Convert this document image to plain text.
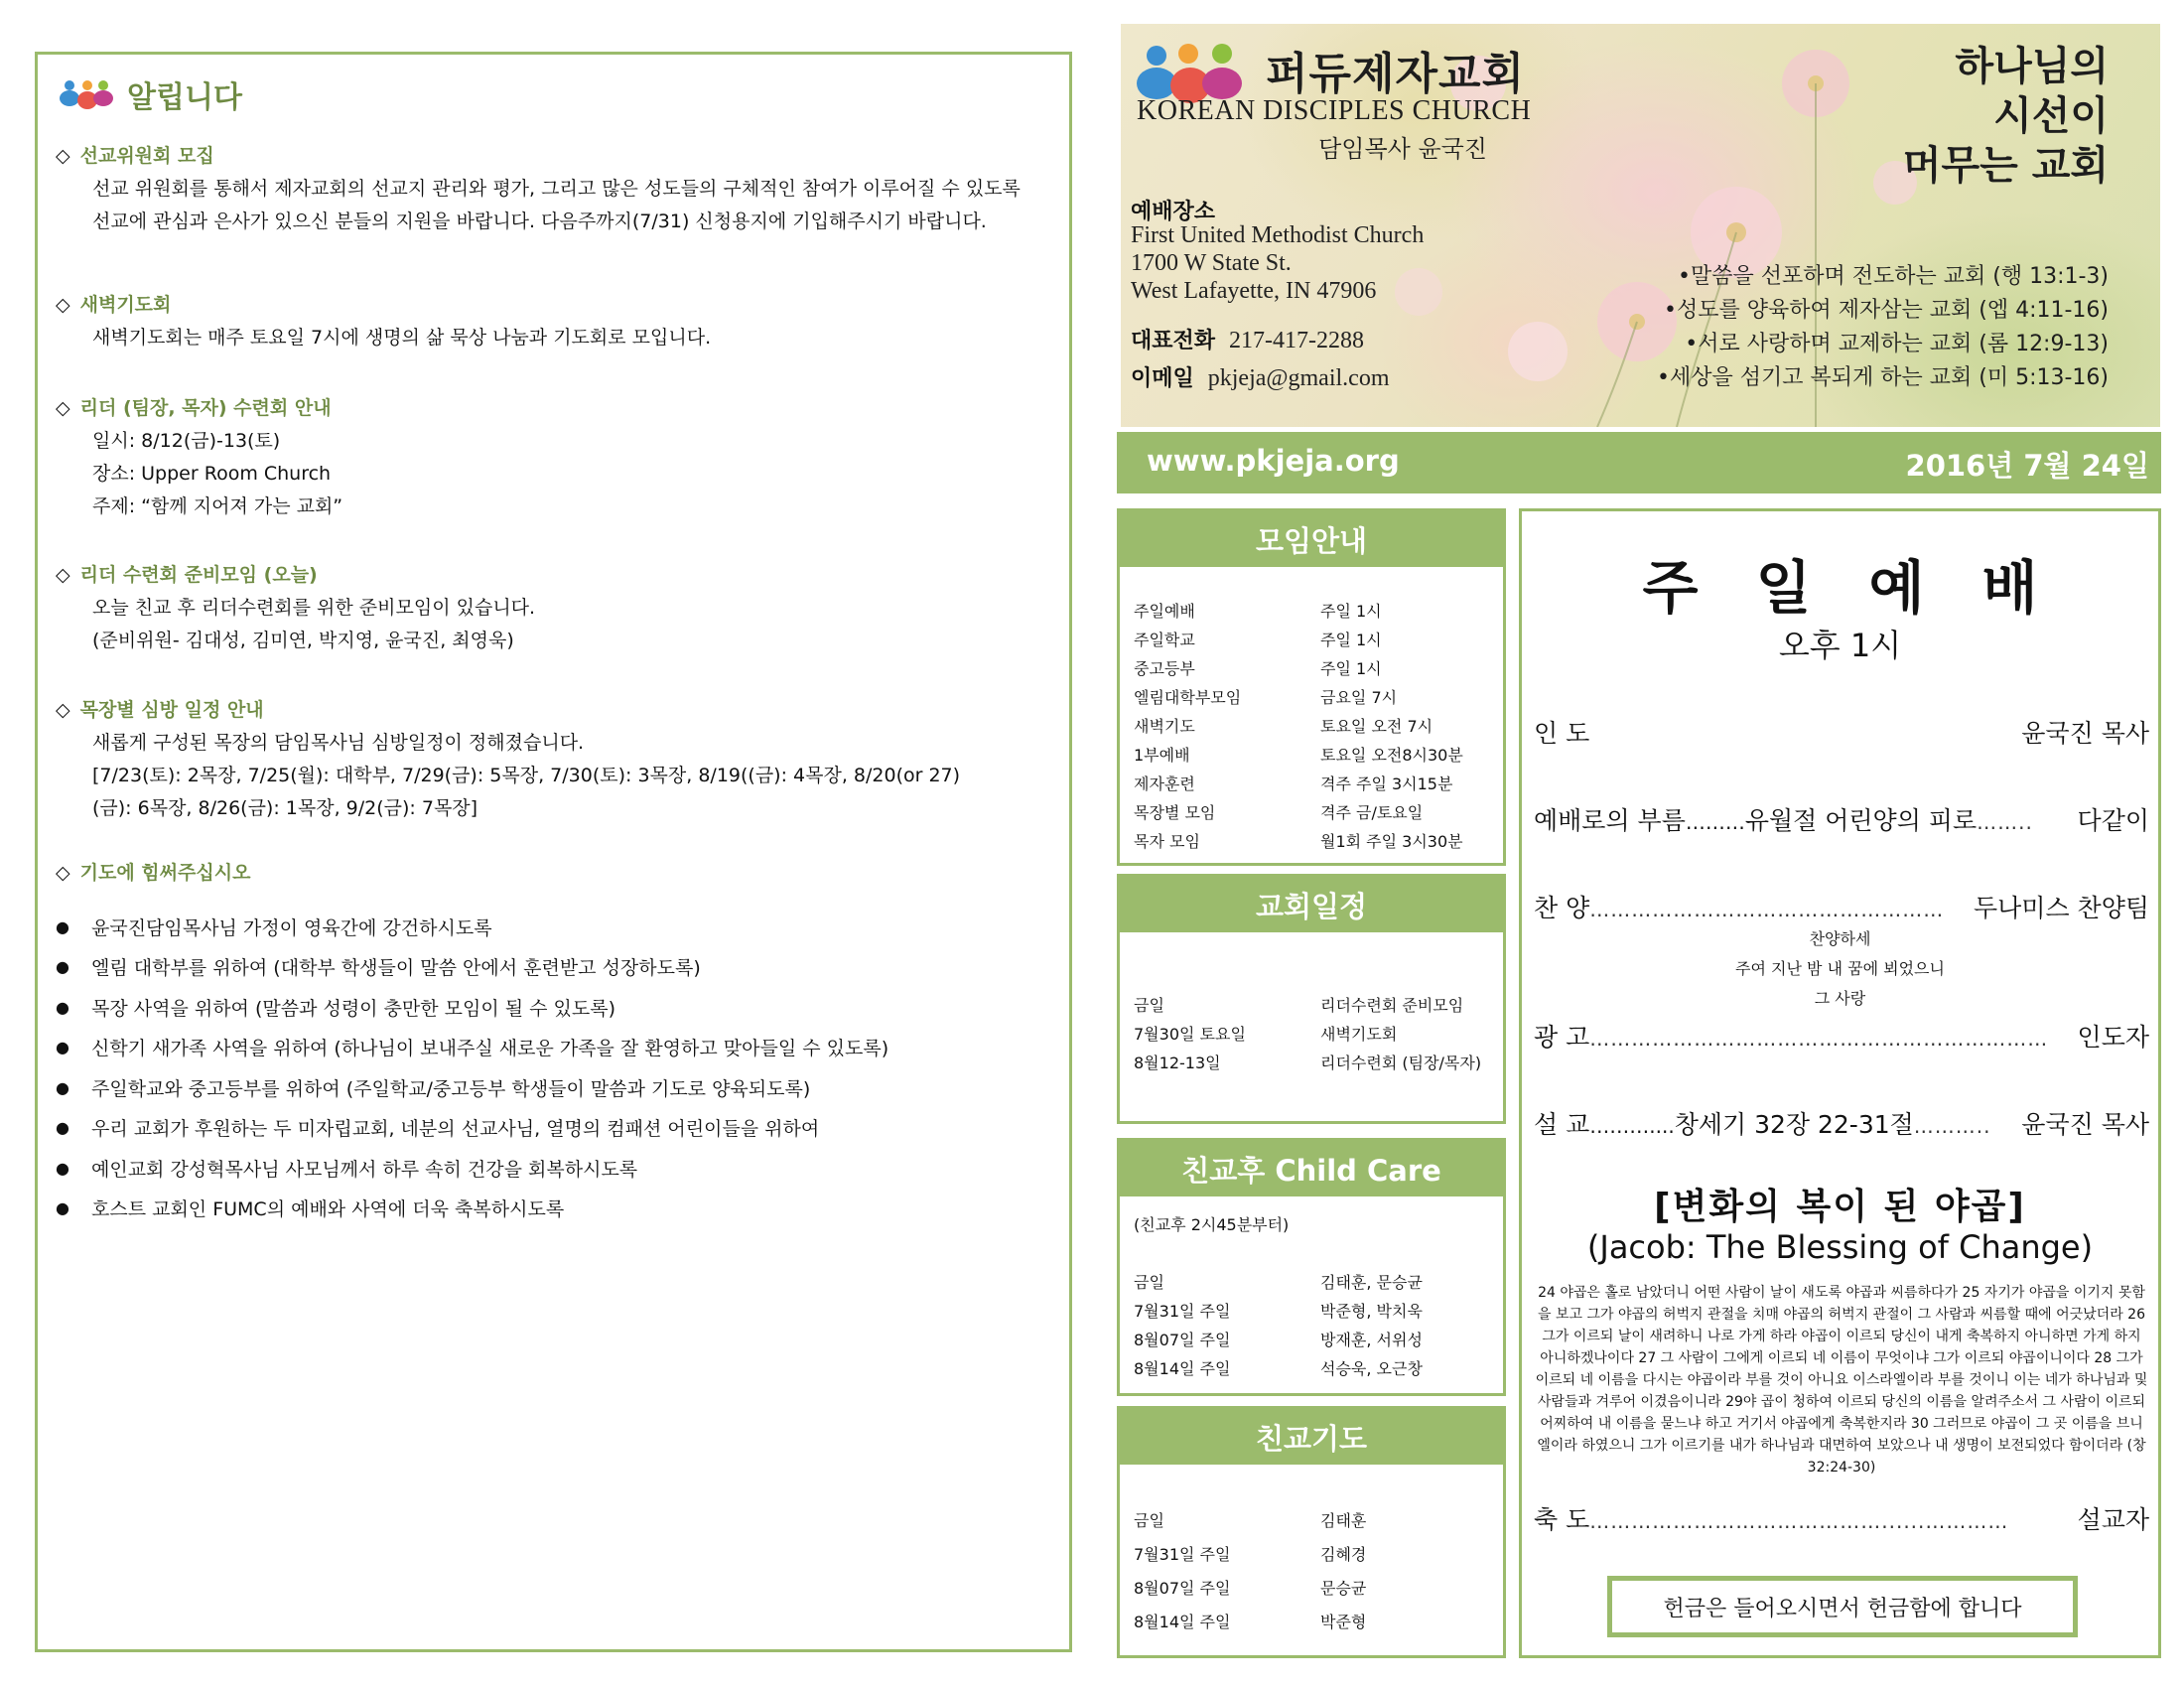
알립니다
◇ 선교위원회 모집
선교 위원회를 통해서 제자교회의 선교지 관리와 평가, 그리고 많은 성도들의 구체적인 참여가 이루어질 수 있도록
선교에 관심과 은사가 있으신 분들의 지원을 바랍니다. 다음주까지(7/31) 신청용지에 기입해주시기 바랍니다.
◇ 새벽기도회
새벽기도회는 매주 토요일 7시에 생명의 삶 묵상 나눔과 기도회로 모입니다.
◇ 리더 (팀장, 목자) 수련회 안내
일시: 8/12(금)-13(토)
장소: Upper Room Church
주제: “함께 지어져 가는 교회”
◇ 리더 수련회 준비모임 (오늘)
오늘 친교 후 리더수련회를 위한 준비모임이 있습니다.
(준비위원- 김대성, 김미연, 박지영, 윤국진, 최영욱)
◇ 목장별 심방 일정 안내
새롭게 구성된 목장의 담임목사님 심방일정이 정해졌습니다.
[7/23(토): 2목장, 7/25(월): 대학부, 7/29(금): 5목장, 7/30(토): 3목장, 8/19((금): 4목장, 8/20(or 27)
(금): 6목장, 8/26(금): 1목장, 9/2(금): 7목장]
◇ 기도에 힘써주십시오
●	윤국진담임목사님 가정이 영육간에 강건하시도록
●	엘림 대학부를 위하여 (대학부 학생들이 말씀 안에서 훈련받고 성장하도록)
●	목장 사역을 위하여 (말씀과 성령이 충만한 모임이 될 수 있도록)
●	신학기 새가족 사역을 위하여 (하나님이 보내주실 새로운 가족을 잘 환영하고 맞아들일 수 있도록)
●	주일학교와 중고등부를 위하여 (주일학교/중고등부 학생들이 말씀과 기도로 양육되도록)
●	우리 교회가 후원하는 두 미자립교회, 네분의 선교사님, 열명의 컴패션 어린이들을 위하여
●	예인교회 강성혁목사님 사모님께서 하루 속히 건강을 회복하시도록
●	호스트 교회인 FUMC의 예배와 사역에 더욱 축복하시도록
퍼듀제자교회
KOREAN DISCIPLES CHURCH
담임목사 윤국진
예배장소
First United Methodist Church
1700 W State St.
West Lafayette, IN 47906
대표전화 217-417-2288
이메일 pkjeja@gmail.com
하나님의
시선이
머무는 교회
•말씀을 선포하며 전도하는 교회 (행 13:1-3)
•성도를 양육하여 제자삼는 교회 (엡 4:11-16)
•서로 사랑하며 교제하는 교회 (롬 12:9-13)
•세상을 섬기고 복되게 하는 교회 (미 5:13-16)
www.pkjeja.org	2016년 7월 24일
모임안내
주일예배	주일 1시
주일학교	주일 1시
중고등부	주일 1시
엘림대학부모임	금요일 7시
새벽기도	토요일 오전 7시
1부예배	토요일 오전8시30분
제자훈련	격주 주일 3시15분
목장별 모임	격주 금/토요일
목자 모임	월1회 주일 3시30분
교회일정
금일	리더수련회 준비모임
7월30일 토요일	새벽기도회
8월12-13일	리더수련회 (팀장/목자)
친교후 Child Care
(친교후 2시45분부터)
금일	김태훈, 문승균
7월31일 주일	박준형, 박치욱
8월07일 주일	방재훈, 서위성
8월14일 주일	석승욱, 오근창
친교기도
금일	김태훈
7월31일 주일	김혜경
8월07일 주일	문승균
8월14일 주일	박준형
주일예배
오후 1시
인 도	윤국진 목사
예배로의 부름 ……… 유월절 어린양의 피로 ……..	다같이
찬 양 ……………………………………………	두나미스 찬양팀
찬양하세
주여 지난 밤 내 꿈에 뵈었으니
그 사랑
광 고 …………………………………………………………	인도자
설 교 ……….... 창세기 32장 22-31절 ………..	윤국진 목사
[변화의 복이 된 야곱]
(Jacob: The Blessing of Change)
24 야곱은 홀로 남았더니 어떤 사람이 날이 새도록 야곱과 씨름하다가 25 자기가 야곱을 이기지 못함을 보고 그가 야곱의 허벅지 관절을 치매 야곱의 허벅지 관절이 그 사람과 씨름할 때에 어긋났더라 26 그가 이르되 날이 새려하니 나로 가게 하라 야곱이 이르되 당신이 내게 축복하지 아니하면 가게 하지 아니하겠나이다 27 그 사람이 그에게 이르되 네 이름이 무엇이냐 그가 이르되 야곱이니이다 28 그가 이르되 네 이름을 다시는 야곱이라 부를 것이 아니요 이스라엘이라 부를 것이니 이는 네가 하나님과 및 사람들과 겨루어 이겼음이니라 29야 곱이 청하여 이르되 당신의 이름을 알려주소서 그 사람이 이르되 어찌하여 내 이름을 묻느냐 하고 거기서 야곱에게 축복한지라 30 그러므로 야곱이 그 곳 이름을 브니엘이라 하였으니 그가 이르기를 내가 하나님과 대면하여 보았으나 내 생명이 보전되었다 함이더라 (창 32:24-30)
축 도 ……………………………………......…………	설교자
헌금은 들어오시면서 헌금함에 합니다
